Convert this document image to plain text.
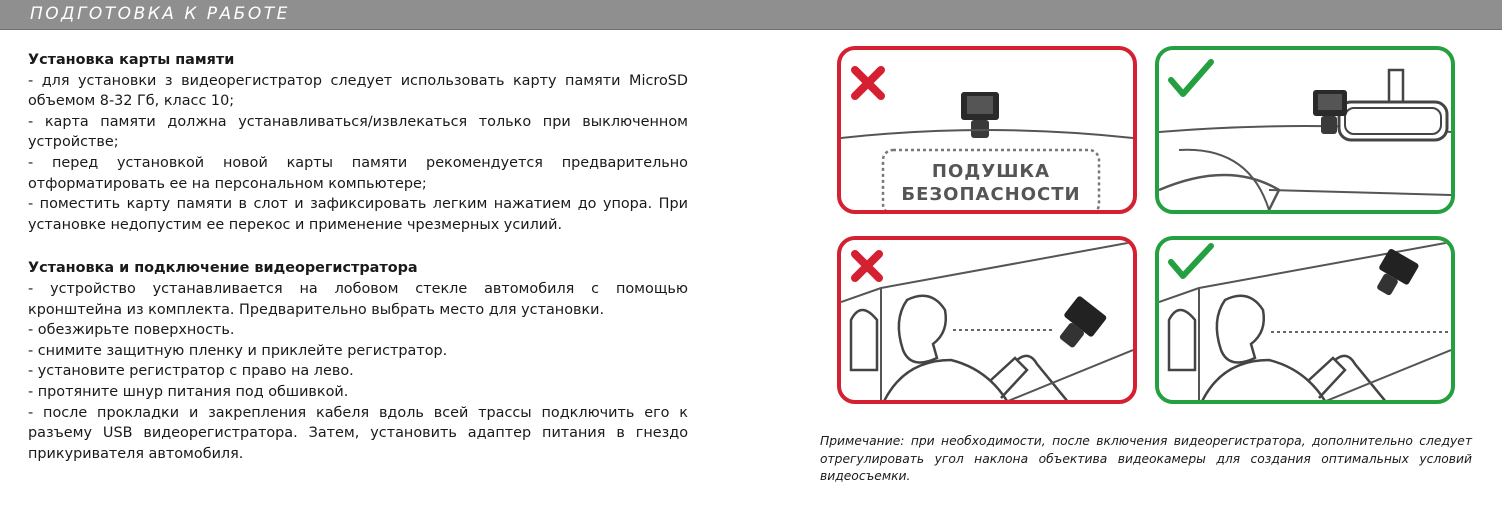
ПОДГОТОВКА К РАБОТЕ
Установка карты памяти

- для установки з видеорегистратор следует использовать карту памяти MicroSD объемом 8-32 Гб, класс 10;

- карта памяти должна устанавливаться/извлекаться только при выключенном устройстве;

- перед установкой новой карты памяти рекомендуется предварительно отформатировать ее на персональном компьютере;

- поместить карту памяти в слот и зафиксировать легким нажатием до упора. При установке недопустим ее перекос и применение чрезмерных усилий.

Установка и подключение видеорегистратора

- устройство устанавливается на лобовом стекле автомобиля с помощью кронштейна из комплекта. Предварительно выбрать место для установки.

- обезжирьте поверхность.

- снимите защитную пленку и приклейте регистратор.

- установите регистратор с право на лево.

- протяните шнур питания под обшивкой.

- после прокладки и закрепления кабеля вдоль всей трассы подключить его к разъему USB видеорегистратора. Затем, установить адаптер питания в гнездо прикуривателя автомобиля.

ПОДУШКА
БЕЗОПАСНОСТИ
Примечание: при необходимости, после включения видеорегистратора, дополнительно следует отрегулировать угол наклона объектива видеокамеры для создания оптимальных условий видеосъемки.
